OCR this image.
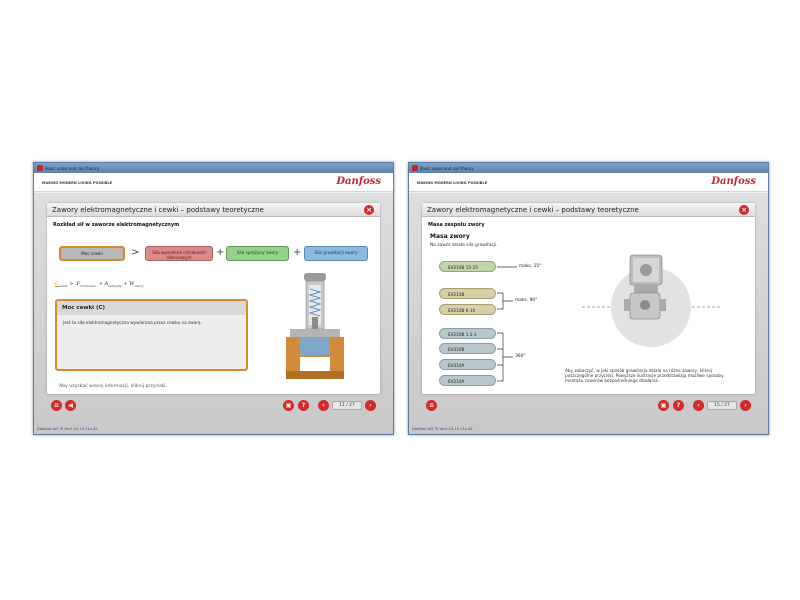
Basic valve and coil theory
MAKING MODERN LIVING POSSIBLE	Danfoss
Zawory elektromagnetyczne i cewki – podstawy teoretyczne	×
Rozkład sił w zaworze elektromagnetycznym
Moc cewki	>	Siła wywołana ciśnieniem różnicowym	+	Siła sprężyny zwory	+	Siła grawitacji zwory
$C_{cewki} > F_{różnicowe} + A_{sprężyny} + W_{zwory}$
Moc cewki (C)
Jest to siła elektromagnetyczna wywierana przez cewkę na zworę.
Aby uzyskać więcej informacji, kliknij przyciski.
≡	◀	▣	?	‹	11 / 27	›
Danfoss A/S ® Ver1.14.15.11c-32
Basic valve and coil theory
MAKING MODERN LIVING POSSIBLE	Danfoss
Zawory elektromagnetyczne i cewki – podstawy teoretyczne	×
Masa zespołu zwory
Masa zwory
Na zawór działa siła grawitacji.
EV210B 15-25
EV215B
EV210B 6-10
EV210B 1.5-3
EV310B
EV310A
EV210A
maks. 15°
maks. 90°
360°
Aby zobaczyć, w jaki sposób grawitacja działa na różne zawory, kliknij poszczególne przyciski. Powyższe ilustracje przedstawiają możliwe sposoby montażu zaworów bezpośredniego działania.
≡	▣	?	‹	15 / 27	›
Danfoss A/S ® Ver1.14.15.11c-32
